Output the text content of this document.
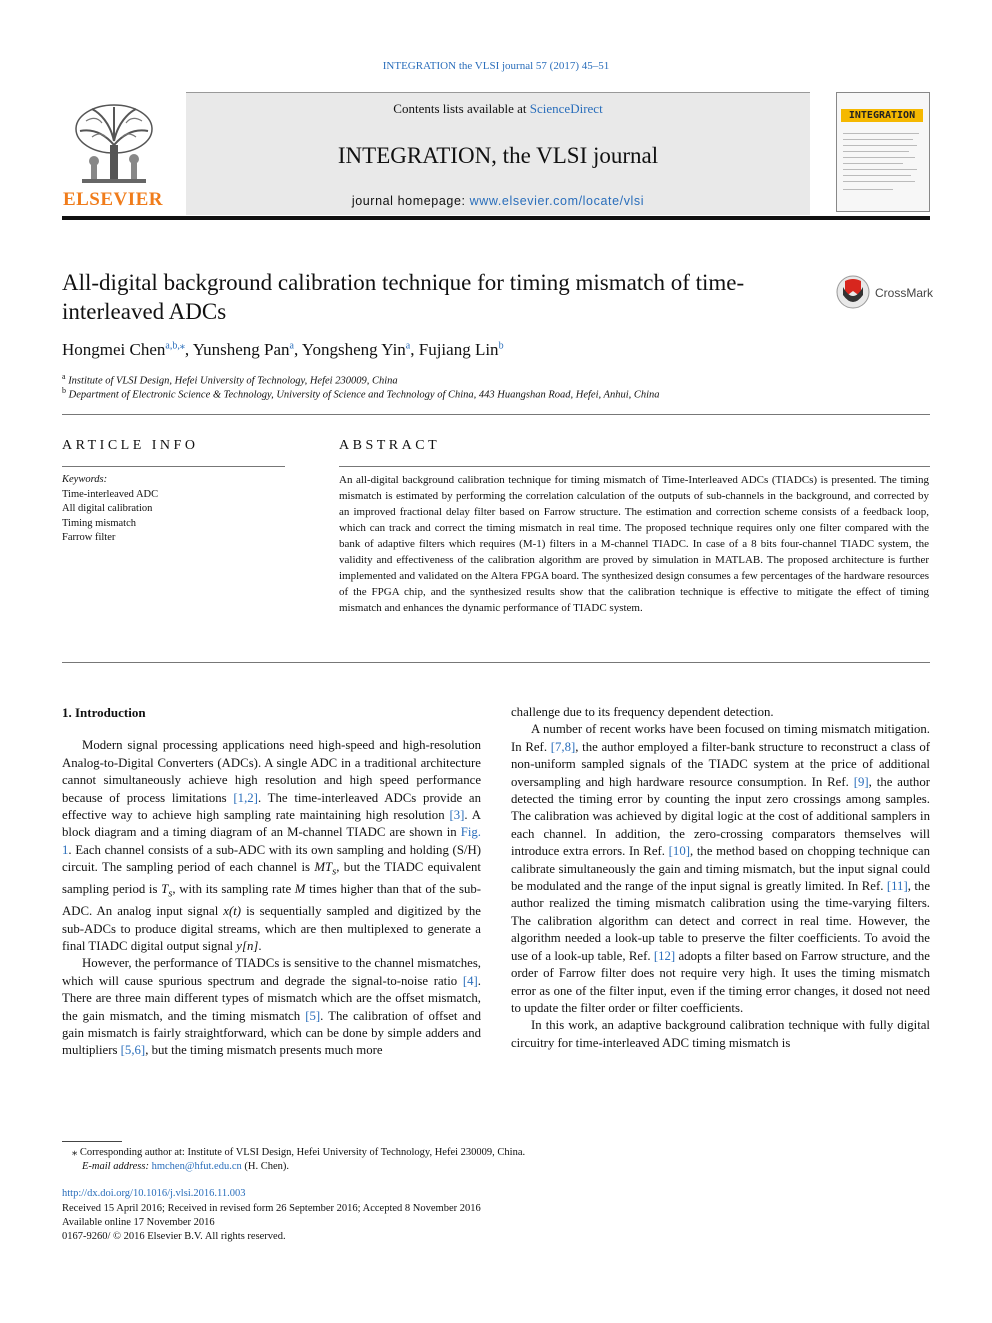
INTEGRATION the VLSI journal 57 (2017) 45–51
ELSEVIER
Contents lists available at ScienceDirect
INTEGRATION, the VLSI journal
journal homepage: www.elsevier.com/locate/vlsi
INTEGRATION
All-digital background calibration technique for timing mismatch of time-
interleaved ADCs
CrossMark
Hongmei Chen$^{a,b,⁎}$, Yunsheng Pan$^a$, Yongsheng Yin$^a$, Fujiang Lin$^b$
$^a$ Institute of VLSI Design, Hefei University of Technology, Hefei 230009, China
$^b$ Department of Electronic Science & Technology, University of Science and Technology of China, 443 Huangshan Road, Hefei, Anhui, China
ARTICLE INFO
Keywords:
Time-interleaved ADC
All digital calibration
Timing mismatch
Farrow filter
ABSTRACT
An all-digital background calibration technique for timing mismatch of Time-Interleaved ADCs (TIADCs) is presented. The timing mismatch is estimated by performing the correlation calculation of the outputs of sub-channels in the background, and corrected by an improved fractional delay filter based on Farrow structure. The estimation and correction scheme consists of a feedback loop, which can track and correct the timing mismatch in real time. The proposed technique requires only one filter compared with the bank of adaptive filters which requires (M-1) filters in a M-channel TIADC. In case of a 8 bits four-channel TIADC system, the validity and effectiveness of the calibration algorithm are proved by simulation in MATLAB. The proposed architecture is further implemented and validated on the Altera FPGA board. The synthesized design consumes a few percentages of the hardware resources of the FPGA chip, and the synthesized results show that the calibration technique is effective to mitigate the effect of timing mismatch and enhances the dynamic performance of TIADC system.
1. Introduction

Modern signal processing applications need high-speed and high-resolution Analog-to-Digital Converters (ADCs). A single ADC in a traditional architecture cannot simultaneously achieve high resolution and high speed performance because of process limitations [1,2]. The time-interleaved ADCs provide an effective way to achieve high sampling rate maintaining high resolution [3]. A block diagram and a timing diagram of an M-channel TIADC are shown in Fig. 1. Each channel consists of a sub-ADC with its own sampling and holding (S/H) circuit. The sampling period of each channel is $MT_s$, but the TIADC equivalent sampling period is $T_s$, with its sampling rate M times higher than that of the sub-ADC. An analog input signal x(t) is sequentially sampled and digitized by the sub-ADCs to produce digital streams, which are then multiplexed to generate a final TIADC digital output signal y[n].

However, the performance of TIADCs is sensitive to the channel mismatches, which will cause spurious spectrum and degrade the signal-to-noise ratio [4]. There are three main different types of mismatch which are the offset mismatch, the gain mismatch, and the timing mismatch [5]. The calibration of offset and gain mismatch is fairly straightforward, which can be done by simple adders and multipliers [5,6], but the timing mismatch presents much more

challenge due to its frequency dependent detection.

A number of recent works have been focused on timing mismatch mitigation. In Ref. [7,8], the author employed a filter-bank structure to reconstruct a class of non-uniform sampled signals of the TIADC system at the price of additional oversampling and high hardware resource consumption. In Ref. [9], the author detected the timing error by counting the input zero crossings among samples. The calibration was achieved by digital logic at the cost of additional samplers in each channel. In addition, the zero-crossing comparators themselves will introduce extra errors. In Ref. [10], the method based on chopping technique can calibrate simultaneously the gain and timing mismatch, but the input signal could be modulated and the range of the input signal is greatly limited. In Ref. [11], the author realized the timing mismatch calibration using the time-varying filters. The calibration algorithm can detect and correct in real time. However, the algorithm needed a look-up table to preserve the filter coefficients. To avoid the use of a look-up table, Ref. [12] adopts a filter based on Farrow structure, and the order of Farrow filter does not require very high. It uses the timing mismatch error as one of the filter input, even if the timing error changes, it dosed not need to update the filter order or filter coefficients.

In this work, an adaptive background calibration technique with fully digital circuitry for time-interleaved ADC timing mismatch is

⁎ Corresponding author at: Institute of VLSI Design, Hefei University of Technology, Hefei 230009, China.
E-mail address: hmchen@hfut.edu.cn (H. Chen).
http://dx.doi.org/10.1016/j.vlsi.2016.11.003
Received 15 April 2016; Received in revised form 26 September 2016; Accepted 8 November 2016
Available online 17 November 2016
0167-9260/ © 2016 Elsevier B.V. All rights reserved.
